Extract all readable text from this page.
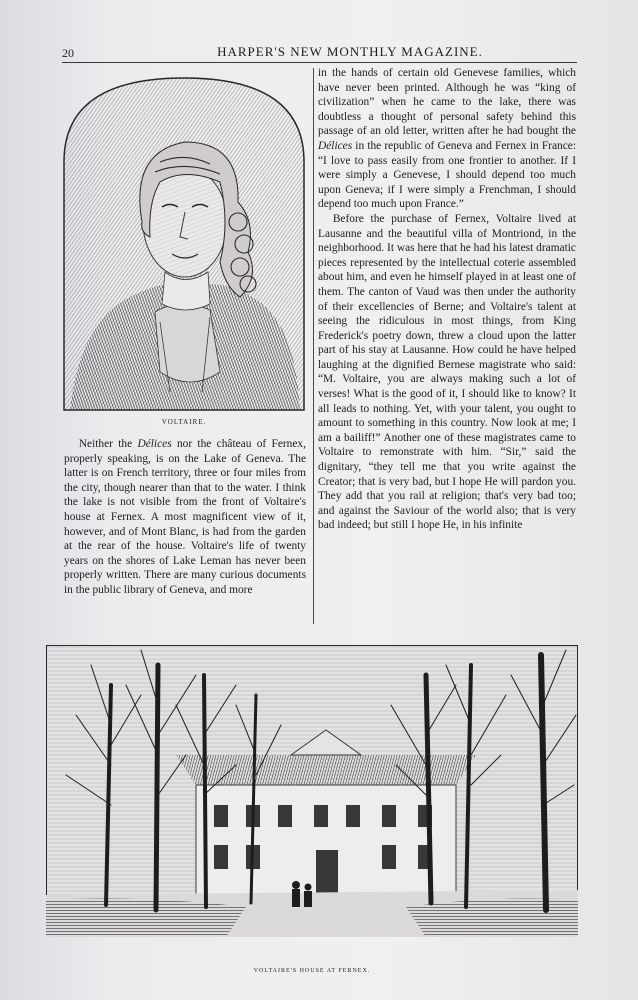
20	HARPER'S NEW MONTHLY MAGAZINE.
VOLTAIRE.

Neither the Délices nor the château of Fernex, properly speaking, is on the Lake of Geneva. The latter is on French territory, three or four miles from the city, though nearer than that to the water. I think the lake is not visible from the front of Voltaire's house at Fernex. A most magnificent view of it, however, and of Mont Blanc, is had from the garden at the rear of the house. Voltaire's life of twenty years on the shores of Lake Leman has never been properly written. There are many curious documents in the public library of Geneva, and more

in the hands of certain old Genevese families, which have never been printed. Although he was “king of civilization” when he came to the lake, there was doubtless a thought of personal safety behind this passage of an old letter, written after he had bought the Délices in the republic of Geneva and Fernex in France: “I love to pass easily from one frontier to another. If I were simply a Genevese, I should depend too much upon Geneva; if I were simply a Frenchman, I should depend too much upon France.”

Before the purchase of Fernex, Voltaire lived at Lausanne and the beautiful villa of Montriond, in the neighborhood. It was here that he had his latest dramatic pieces represented by the intellectual coterie assembled about him, and even he himself played in at least one of them. The canton of Vaud was then under the authority of their excellencies of Berne; and Voltaire's talent at seeing the ridiculous in most things, from King Frederick's poetry down, threw a cloud upon the latter part of his stay at Lausanne. How could he have helped laughing at the dignified Bernese magistrate who said: “M. Voltaire, you are always making such a lot of verses! What is the good of it, I should like to know? It all leads to nothing. Yet, with your talent, you ought to amount to something in this country. Now look at me; I am a bailiff!” Another one of these magistrates came to Voltaire to remonstrate with him. “Sir,” said the dignitary, “they tell me that you write against the Creator; that is very bad, but I hope He will pardon you. They add that you rail at religion; that's very bad too; and against the Saviour of the world also; that is very bad indeed; but still I hope He, in his infinite

VOLTAIRE'S HOUSE AT FERNEX.
